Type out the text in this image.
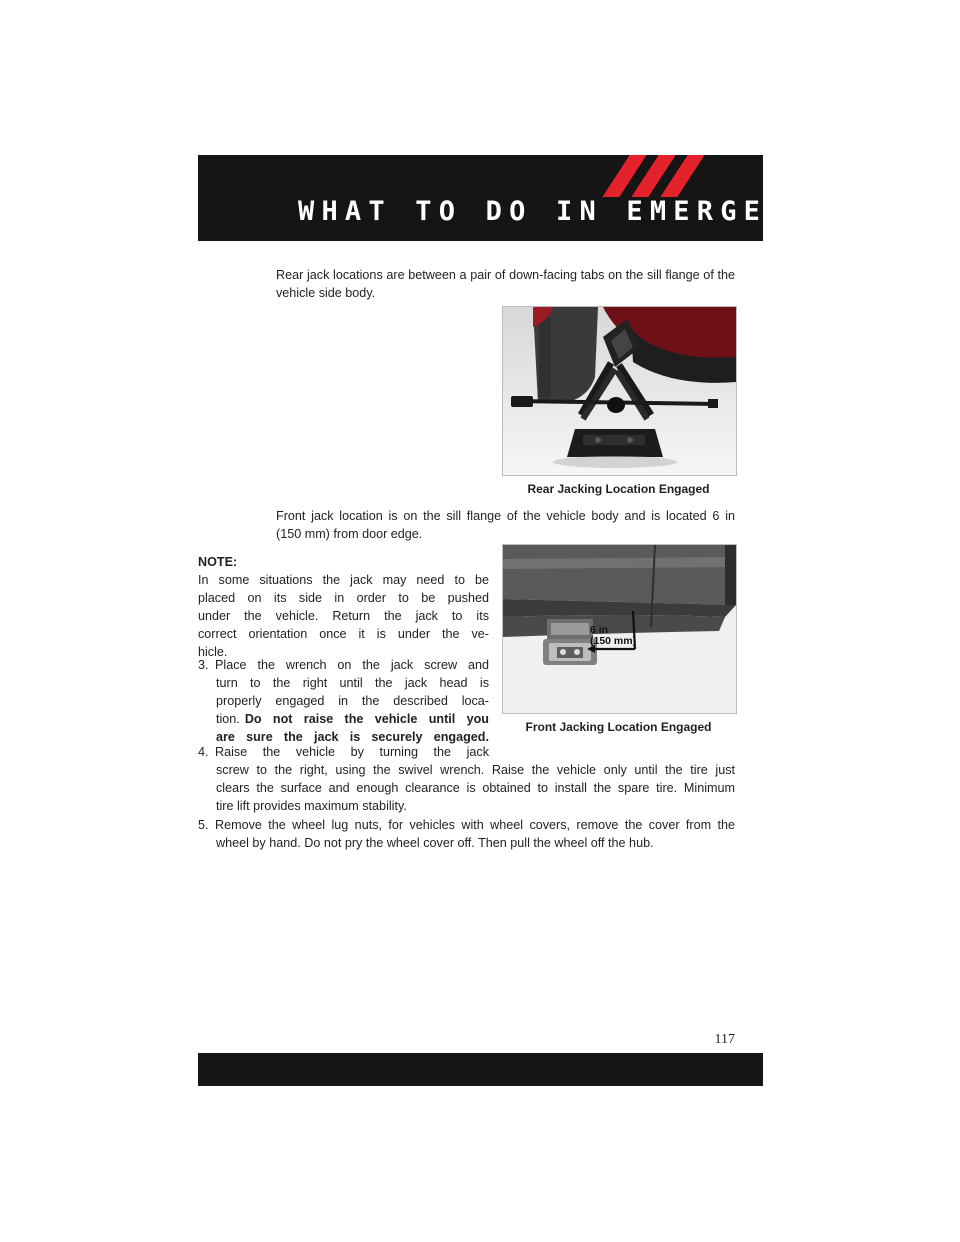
WHAT TO DO IN EMERGENCIES
Rear jack locations are between a pair of down-facing tabs on the sill flange of the
vehicle side body.
Rear Jacking Location Engaged
Front jack location is on the sill flange of the vehicle body and is located 6 in
(150 mm) from door edge.
NOTE:
In some situations the jack may need to be
placed on its side in order to be pushed
under the vehicle. Return the jack to its
correct orientation once it is under the ve-
hicle.
6 in
(150 mm)
Front Jacking Location Engaged
3. Place the wrench on the jack screw and
turn to the right until the jack head is
properly engaged in the described loca-
tion. Do not raise the vehicle until you
are sure the jack is securely engaged.
4. Raise the vehicle by turning the jack
screw to the right, using the swivel wrench. Raise the vehicle only until the tire just
clears the surface and enough clearance is obtained to install the spare tire. Minimum
tire lift provides maximum stability.
5. Remove the wheel lug nuts, for vehicles with wheel covers, remove the cover from the
wheel by hand. Do not pry the wheel cover off. Then pull the wheel off the hub.
117
